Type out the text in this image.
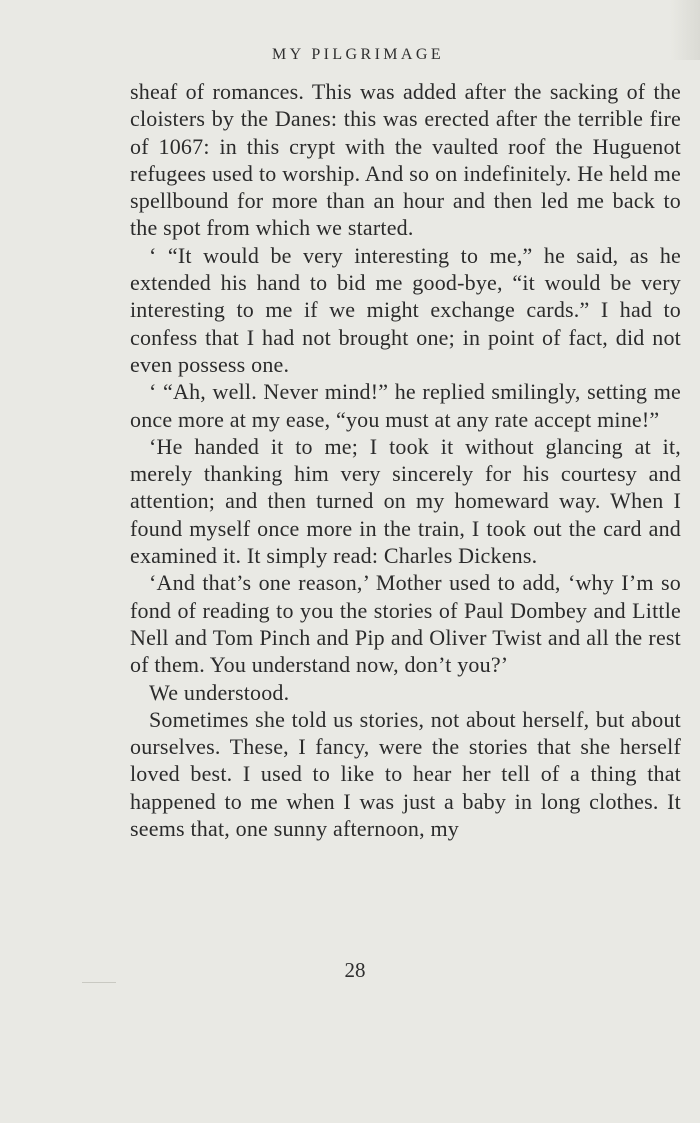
MY PILGRIMAGE

sheaf of romances. This was added after the sacking of the cloisters by the Danes: this was erected after the terrible fire of 1067: in this crypt with the vaulted roof the Huguenot refugees used to worship. And so on indefinitely. He held me spellbound for more than an hour and then led me back to the spot from which we started.

‘ “It would be very interesting to me,” he said, as he extended his hand to bid me good-bye, “it would be very interesting to me if we might exchange cards.” I had to confess that I had not brought one; in point of fact, did not even possess one.

‘ “Ah, well. Never mind!” he replied smilingly, setting me once more at my ease, “you must at any rate accept mine!”

‘He handed it to me; I took it without glancing at it, merely thanking him very sincerely for his courtesy and attention; and then turned on my homeward way. When I found myself once more in the train, I took out the card and examined it. It simply read: Charles Dickens.

‘And that’s one reason,’ Mother used to add, ‘why I’m so fond of reading to you the stories of Paul Dombey and Little Nell and Tom Pinch and Pip and Oliver Twist and all the rest of them. You understand now, don’t you?’

We understood.

Sometimes she told us stories, not about herself, but about ourselves. These, I fancy, were the stories that she herself loved best. I used to like to hear her tell of a thing that happened to me when I was just a baby in long clothes. It seems that, one sunny afternoon, my

28
